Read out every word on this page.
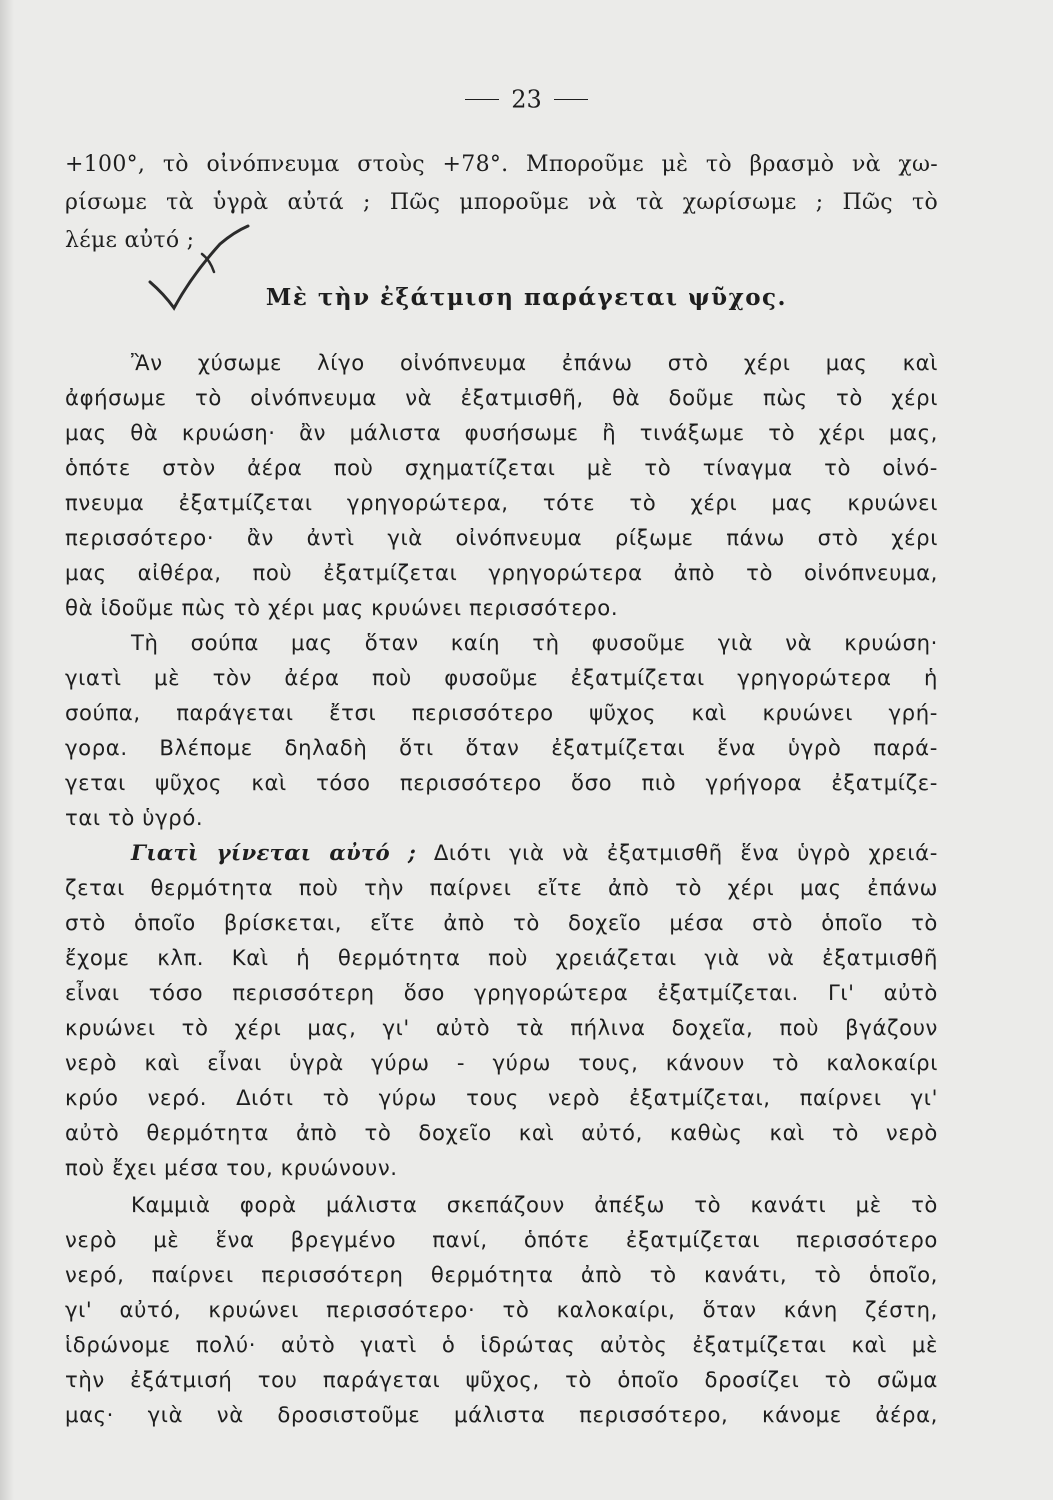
23
+100°, τὸ οἰνόπνευμα στοὺς +78°. Μποροῦμε μὲ τὸ βρασμὸ νὰ χω-
ρίσωμε τὰ ὑγρὰ αὐτά ; Πῶς μποροῦμε νὰ τὰ χωρίσωμε ; Πῶς τὸ
λέμε αὐτό ;
Μὲ τὴν ἐξάτμιση παράγεται ψῦχος.
Ἂν χύσωμε λίγο οἰνόπνευμα ἐπάνω στὸ χέρι μας καὶ
ἀφήσωμε τὸ οἰνόπνευμα νὰ ἐξατμισθῆ, θὰ δοῦμε πὼς τὸ χέρι
μας θὰ κρυώση· ἂν μάλιστα φυσήσωμε ἢ τινάξωμε τὸ χέρι μας,
ὁπότε στὸν ἀέρα ποὺ σχηματίζεται μὲ τὸ τίναγμα τὸ οἰνό-
πνευμα ἐξατμίζεται γρηγορώτερα, τότε τὸ χέρι μας κρυώνει
περισσότερο· ἂν ἀντὶ γιὰ οἰνόπνευμα ρίξωμε πάνω στὸ χέρι
μας αἰθέρα, ποὺ ἐξατμίζεται γρηγορώτερα ἀπὸ τὸ οἰνόπνευμα,
θὰ ἰδοῦμε πὼς τὸ χέρι μας κρυώνει περισσότερο.
Τὴ σούπα μας ὅταν καίη τὴ φυσοῦμε γιὰ νὰ κρυώση·
γιατὶ μὲ τὸν ἀέρα ποὺ φυσοῦμε ἐξατμίζεται γρηγορώτερα ἡ
σούπα, παράγεται ἔτσι περισσότερο ψῦχος καὶ κρυώνει γρή-
γορα. Βλέπομε δηλαδὴ ὅτι ὅταν ἐξατμίζεται ἕνα ὑγρὸ παρά-
γεται ψῦχος καὶ τόσο περισσότερο ὅσο πιὸ γρήγορα ἐξατμίζε-
ται τὸ ὑγρό.
Γιατὶ γίνεται αὐτό ; Διότι γιὰ νὰ ἐξατμισθῆ ἕνα ὑγρὸ χρειά-
ζεται θερμότητα ποὺ τὴν παίρνει εἴτε ἀπὸ τὸ χέρι μας ἐπάνω
στὸ ὁποῖο βρίσκεται, εἴτε ἀπὸ τὸ δοχεῖο μέσα στὸ ὁποῖο τὸ
ἔχομε κλπ. Καὶ ἡ θερμότητα ποὺ χρειάζεται γιὰ νὰ ἐξατμισθῆ
εἶναι τόσο περισσότερη ὅσο γρηγορώτερα ἐξατμίζεται. Γι' αὐτὸ
κρυώνει τὸ χέρι μας, γι' αὐτὸ τὰ πήλινα δοχεῖα, ποὺ βγάζουν
νερὸ καὶ εἶναι ὑγρὰ γύρω - γύρω τους, κάνουν τὸ καλοκαίρι
κρύο νερό. Διότι τὸ γύρω τους νερὸ ἐξατμίζεται, παίρνει γι'
αὐτὸ θερμότητα ἀπὸ τὸ δοχεῖο καὶ αὐτό, καθὼς καὶ τὸ νερὸ
ποὺ ἔχει μέσα του, κρυώνουν.
Καμμιὰ φορὰ μάλιστα σκεπάζουν ἀπέξω τὸ κανάτι μὲ τὸ
νερὸ μὲ ἕνα βρεγμένο πανί, ὁπότε ἐξατμίζεται περισσότερο
νερό, παίρνει περισσότερη θερμότητα ἀπὸ τὸ κανάτι, τὸ ὁποῖο,
γι' αὐτό, κρυώνει περισσότερο· τὸ καλοκαίρι, ὅταν κάνη ζέστη,
ἱδρώνομε πολύ· αὐτὸ γιατὶ ὁ ἱδρώτας αὐτὸς ἐξατμίζεται καὶ μὲ
τὴν ἐξάτμισή του παράγεται ψῦχος, τὸ ὁποῖο δροσίζει τὸ σῶμα
μας· γιὰ νὰ δροσιστοῦμε μάλιστα περισσότερο, κάνομε ἀέρα,
